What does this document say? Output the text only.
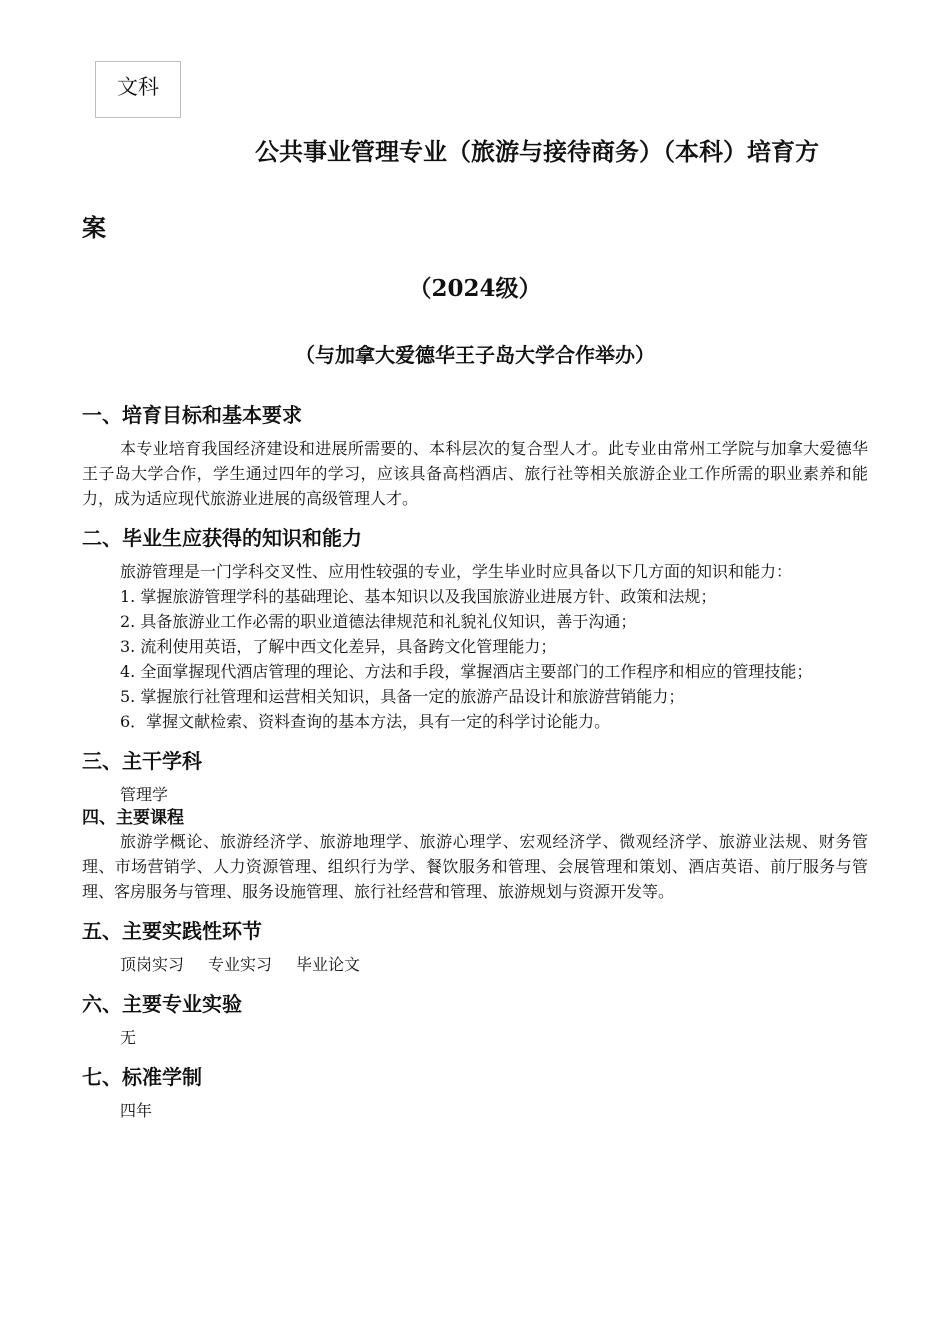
文科
公共事业管理专业（旅游与接待商务）（本科）培育方
案
（2024级）
（与加拿大爱德华王子岛大学合作举办）

一、培育目标和基本要求

本专业培育我国经济建设和进展所需要的、本科层次的复合型人才。此专业由常州工学院与加拿大爱德华王子岛大学合作，学生通过四年的学习，应该具备高档酒店、旅行社等相关旅游企业工作所需的职业素养和能力，成为适应现代旅游业进展的高级管理人才。

二、毕业生应获得的知识和能力

旅游管理是一门学科交叉性、应用性较强的专业，学生毕业时应具备以下几方面的知识和能力：

1. 掌握旅游管理学科的基础理论、基本知识以及我国旅游业进展方针、政策和法规；

2. 具备旅游业工作必需的职业道德法律规范和礼貌礼仪知识，善于沟通；

3. 流利使用英语，了解中西文化差异，具备跨文化管理能力；

4. 全面掌握现代酒店管理的理论、方法和手段，掌握酒店主要部门的工作程序和相应的管理技能；

5. 掌握旅行社管理和运营相关知识，具备一定的旅游产品设计和旅游营销能力；

6．掌握文献检索、资料查询的基本方法，具有一定的科学讨论能力。

三、主干学科

管理学

四、主要课程

旅游学概论、旅游经济学、旅游地理学、旅游心理学、宏观经济学、微观经济学、旅游业法规、财务管理、市场营销学、人力资源管理、组织行为学、餐饮服务和管理、会展管理和策划、酒店英语、前厅服务与管理、客房服务与管理、服务设施管理、旅行社经营和管理、旅游规划与资源开发等。

五、主要实践性环节

顶岗实习 专业实习 毕业论文

六、主要专业实验

无

七、标准学制

四年
